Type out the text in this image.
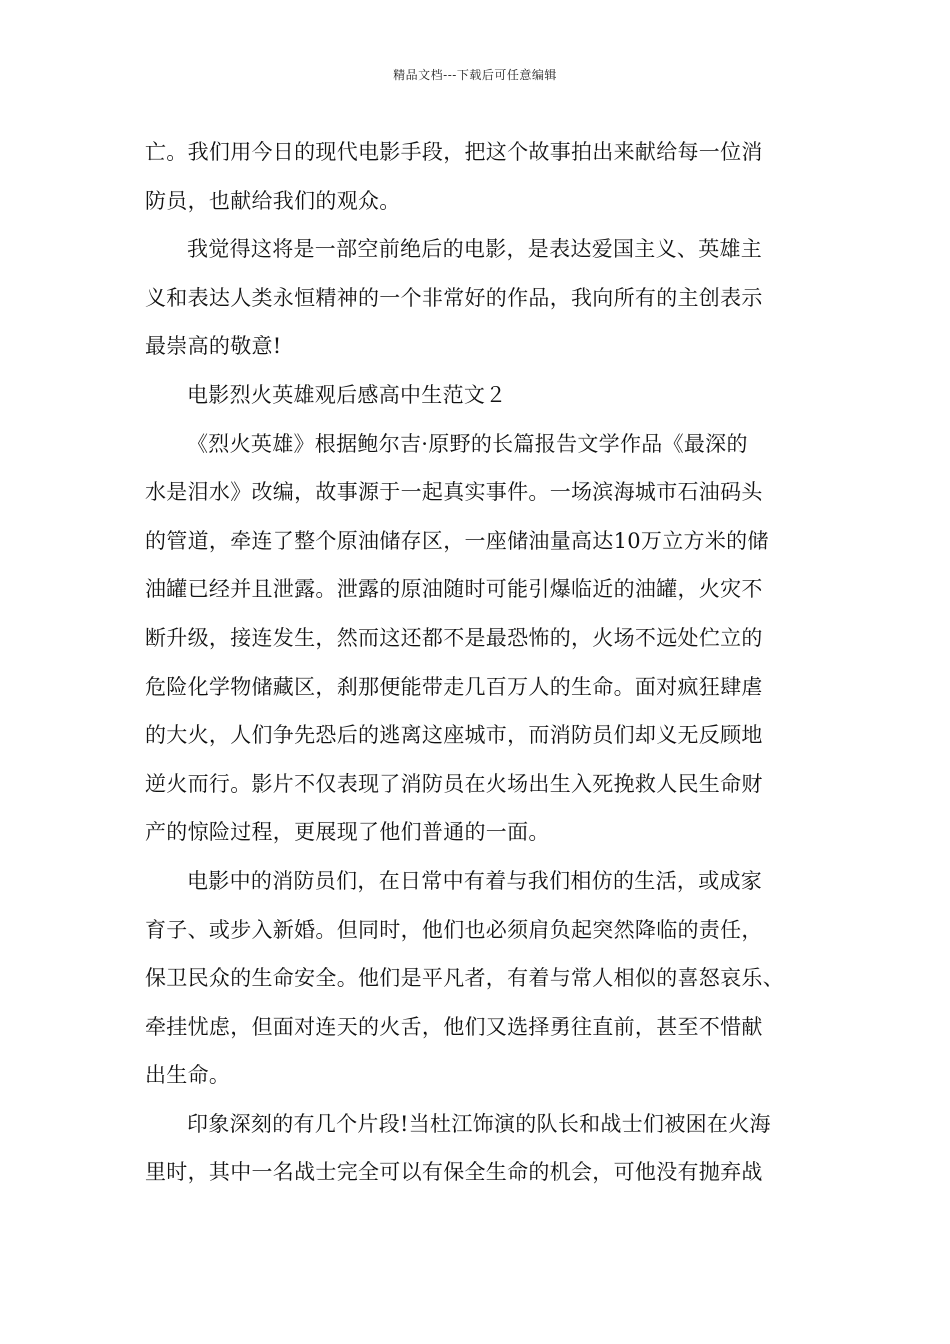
精品文档---下载后可任意编辑
亡。我们用今日的现代电影手段，把这个故事拍出来献给每一位消
防员，也献给我们的观众。
我觉得这将是一部空前绝后的电影，是表达爱国主义、英雄主
义和表达人类永恒精神的一个非常好的作品，我向所有的主创表示
最崇高的敬意!
电影烈火英雄观后感高中生范文２
《烈火英雄》根据鲍尔吉·原野的长篇报告文学作品《最深的
水是泪水》改编，故事源于一起真实事件。一场滨海城市石油码头
的管道，牵连了整个原油储存区，一座储油量高达10万立方米的储
油罐已经并且泄露。泄露的原油随时可能引爆临近的油罐，火灾不
断升级，接连发生，然而这还都不是最恐怖的，火场不远处伫立的
危险化学物储藏区，刹那便能带走几百万人的生命。面对疯狂肆虐
的大火，人们争先恐后的逃离这座城市，而消防员们却义无反顾地
逆火而行。影片不仅表现了消防员在火场出生入死挽救人民生命财
产的惊险过程，更展现了他们普通的一面。
电影中的消防员们，在日常中有着与我们相仿的生活，或成家
育子、或步入新婚。但同时，他们也必须肩负起突然降临的责任，
保卫民众的生命安全。他们是平凡者，有着与常人相似的喜怒哀乐、
牵挂忧虑，但面对连天的火舌，他们又选择勇往直前，甚至不惜献
出生命。
印象深刻的有几个片段!当杜江饰演的队长和战士们被困在火海
里时，其中一名战士完全可以有保全生命的机会，可他没有抛弃战
